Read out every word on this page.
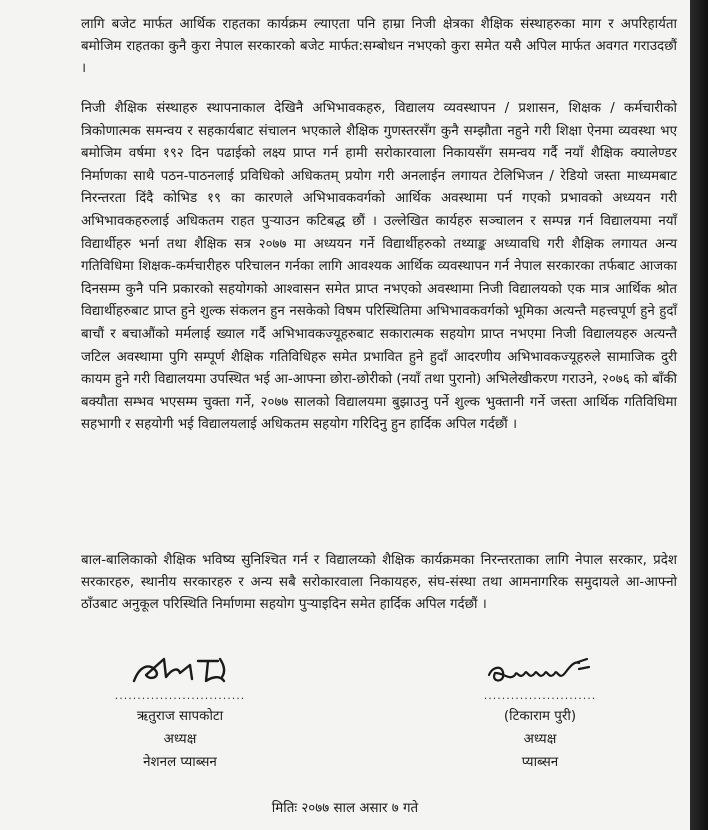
लागि बजेट मार्फत आर्थिक राहतका कार्यक्रम ल्याएता पनि हाम्रा निजी क्षेत्रका शैक्षिक संस्थाहरुका माग र अपरिहार्यता बमोजिम राहतका कुनै कुरा नेपाल सरकारको बजेट मार्फत:सम्बोधन नभएको कुरा समेत यसै अपिल मार्फत अवगत गराउदछौं ।

निजी शैक्षिक संस्थाहरु स्थापनाकाल देखिनै अभिभावकहरु, विद्यालय व्यवस्थापन / प्रशासन, शिक्षक / कर्मचारीको त्रिकोणात्मक समन्वय र सहकार्यबाट संचालन भएकाले शैक्षिक गुणस्तरसँग कुनै सम्झौता नहुने गरी शिक्षा ऐनमा व्यवस्था भए बमोजिम वर्षमा १९२ दिन पढाईको लक्ष्य प्राप्त गर्न हामी सरोकारवाला निकायसँग समन्वय गर्दै नयाँ शैक्षिक क्यालेण्डर निर्माणका साथै पठन-पाठनलाई प्रविधिको अधिकतम् प्रयोग गरी अनलाईन लगायत टेलिभिजन / रेडियो जस्ता माध्यमबाट निरन्तरता दिंदै कोभिड १९ का कारणले अभिभावकवर्गको आर्थिक अवस्थामा पर्न गएको प्रभावको अध्ययन गरी अभिभावकहरुलाई अधिकतम राहत पुऱ्याउन कटिबद्ध छौं । उल्लेखित कार्यहरु सञ्चालन र सम्पन्न गर्न विद्यालयमा नयाँ विद्यार्थीहरु भर्ना तथा शैक्षिक सत्र २०७७ मा अध्ययन गर्ने विद्यार्थीहरुको तथ्याङ्क अध्यावधि गरी शैक्षिक लगायत अन्य गतिविधिमा शिक्षक-कर्मचारीहरु परिचालन गर्नका लागि आवश्यक आर्थिक व्यवस्थापन गर्न नेपाल सरकारका तर्फबाट आजका दिनसम्म कुनै पनि प्रकारको सहयोगको आश्वासन समेत प्राप्त नभएको अवस्थामा निजी विद्यालयको एक मात्र आर्थिक श्रोत विद्यार्थीहरुबाट प्राप्त हुने शुल्क संकलन हुन नसकेको विषम परिस्थितिमा अभिभावकवर्गको भूमिका अत्यन्तै महत्त्वपूर्ण हुने हुदाँ बाचौं र बचाऔंको मर्मलाई ख्याल गर्दै अभिभावकज्यूहरुबाट सकारात्मक सहयोग प्राप्त नभएमा निजी विद्यालयहरु अत्यन्तै जटिल अवस्थामा पुगि सम्पूर्ण शैक्षिक गतिविधिहरु समेत प्रभावित हुने हुदाँ आदरणीय अभिभावकज्यूहरुले सामाजिक दुरी कायम हुने गरी विद्यालयमा उपस्थित भई आ-आफ्ना छोरा-छोरीको (नयाँ तथा पुरानो) अभिलेखीकरण गराउने, २०७६ को बाँकी बक्यौता सम्भव भएसम्म चुक्ता गर्ने, २०७७ सालको विद्यालयमा बुझाउनु पर्ने शुल्क भुक्तानी गर्ने जस्ता आर्थिक गतिविधिमा सहभागी र सहयोगी भई विद्यालयलाई अधिकतम सहयोग गरिदिनु हुन हार्दिक अपिल गर्दछौं ।

बाल-बालिकाको शैक्षिक भविष्य सुनिश्चित गर्न र विद्यालय्को शैक्षिक कार्यक्रमका निरन्तरताका लागि नेपाल सरकार, प्रदेश सरकारहरु, स्थानीय सरकारहरु र अन्य सबै सरोकारवाला निकायहरु, संघ-संस्था तथा आमनागरिक समुदायले आ-आफ्नो ठाँउबाट अनुकूल परिस्थिति निर्माणमा सहयोग पुऱ्याइदिन समेत हार्दिक अपिल गर्दछौं ।

·····························
ऋतुराज सापकोटा
अध्यक्ष
नेशनल प्याब्सन
·························
(टिकाराम पुरी)
अध्यक्ष
प्याब्सन
मितिः २०७७ साल असार ७ गते
